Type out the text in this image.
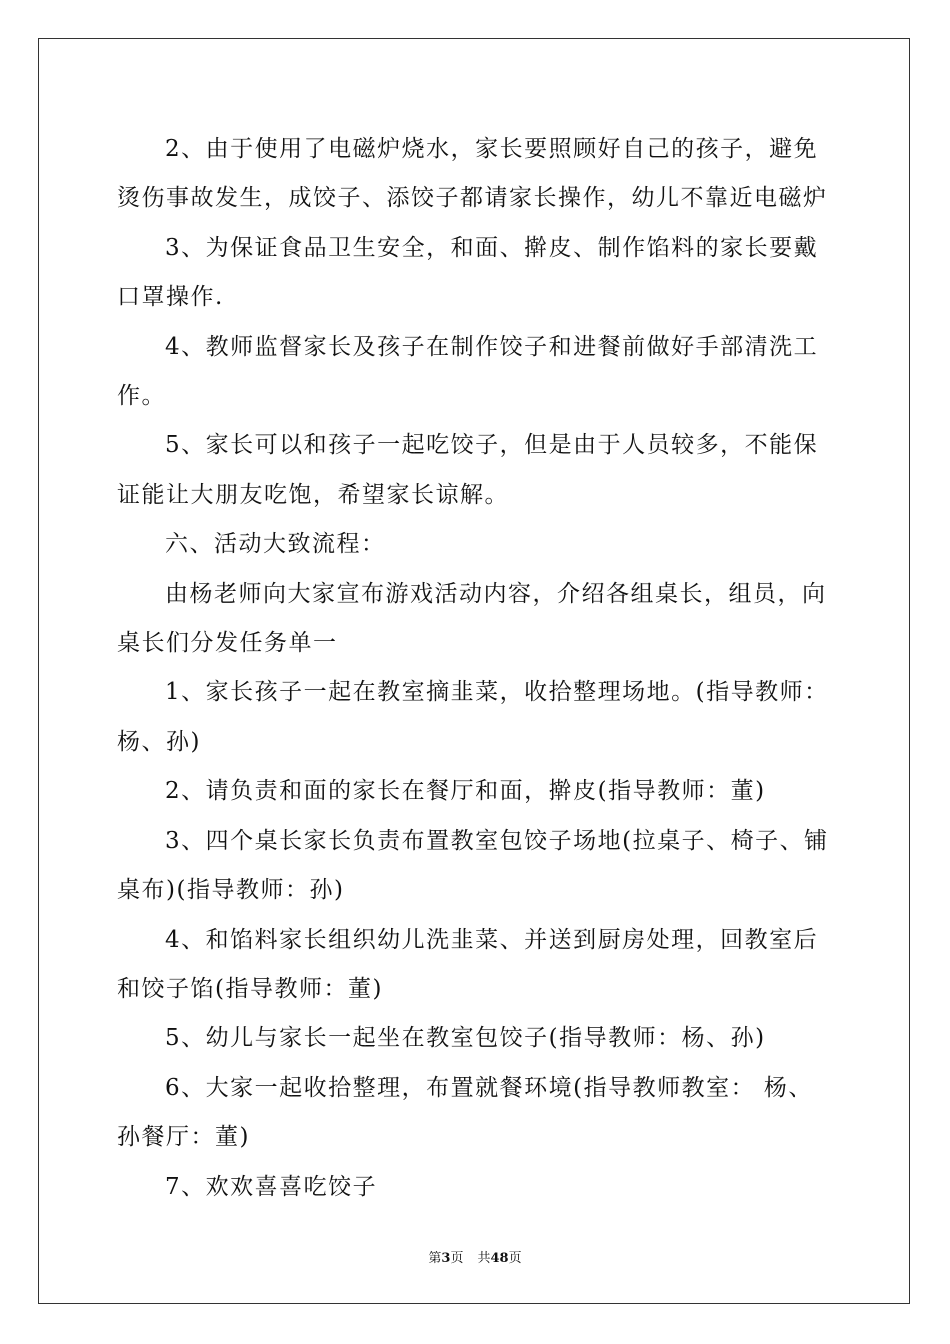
2、由于使用了电磁炉烧水，家长要照顾好自己的孩子，避免烫伤事故发生，成饺子、添饺子都请家长操作，幼儿不靠近电磁炉

3、为保证食品卫生安全，和面、擀皮、制作馅料的家长要戴口罩操作.

4、教师监督家长及孩子在制作饺子和进餐前做好手部清洗工作。

5、家长可以和孩子一起吃饺子，但是由于人员较多，不能保证能让大朋友吃饱，希望家长谅解。

六、活动大致流程：

由杨老师向大家宣布游戏活动内容，介绍各组桌长，组员，向桌长们分发任务单一

1、家长孩子一起在教室摘韭菜，收拾整理场地。(指导教师：杨、孙)

2、请负责和面的家长在餐厅和面，擀皮(指导教师：董)

3、四个桌长家长负责布置教室包饺子场地(拉桌子、椅子、铺桌布)(指导教师：孙)

4、和馅料家长组织幼儿洗韭菜、并送到厨房处理，回教室后和饺子馅(指导教师：董)

5、幼儿与家长一起坐在教室包饺子(指导教师：杨、孙)

6、大家一起收拾整理，布置就餐环境(指导教师教室： 杨、孙餐厅：董)

7、欢欢喜喜吃饺子

第3页 共48页
